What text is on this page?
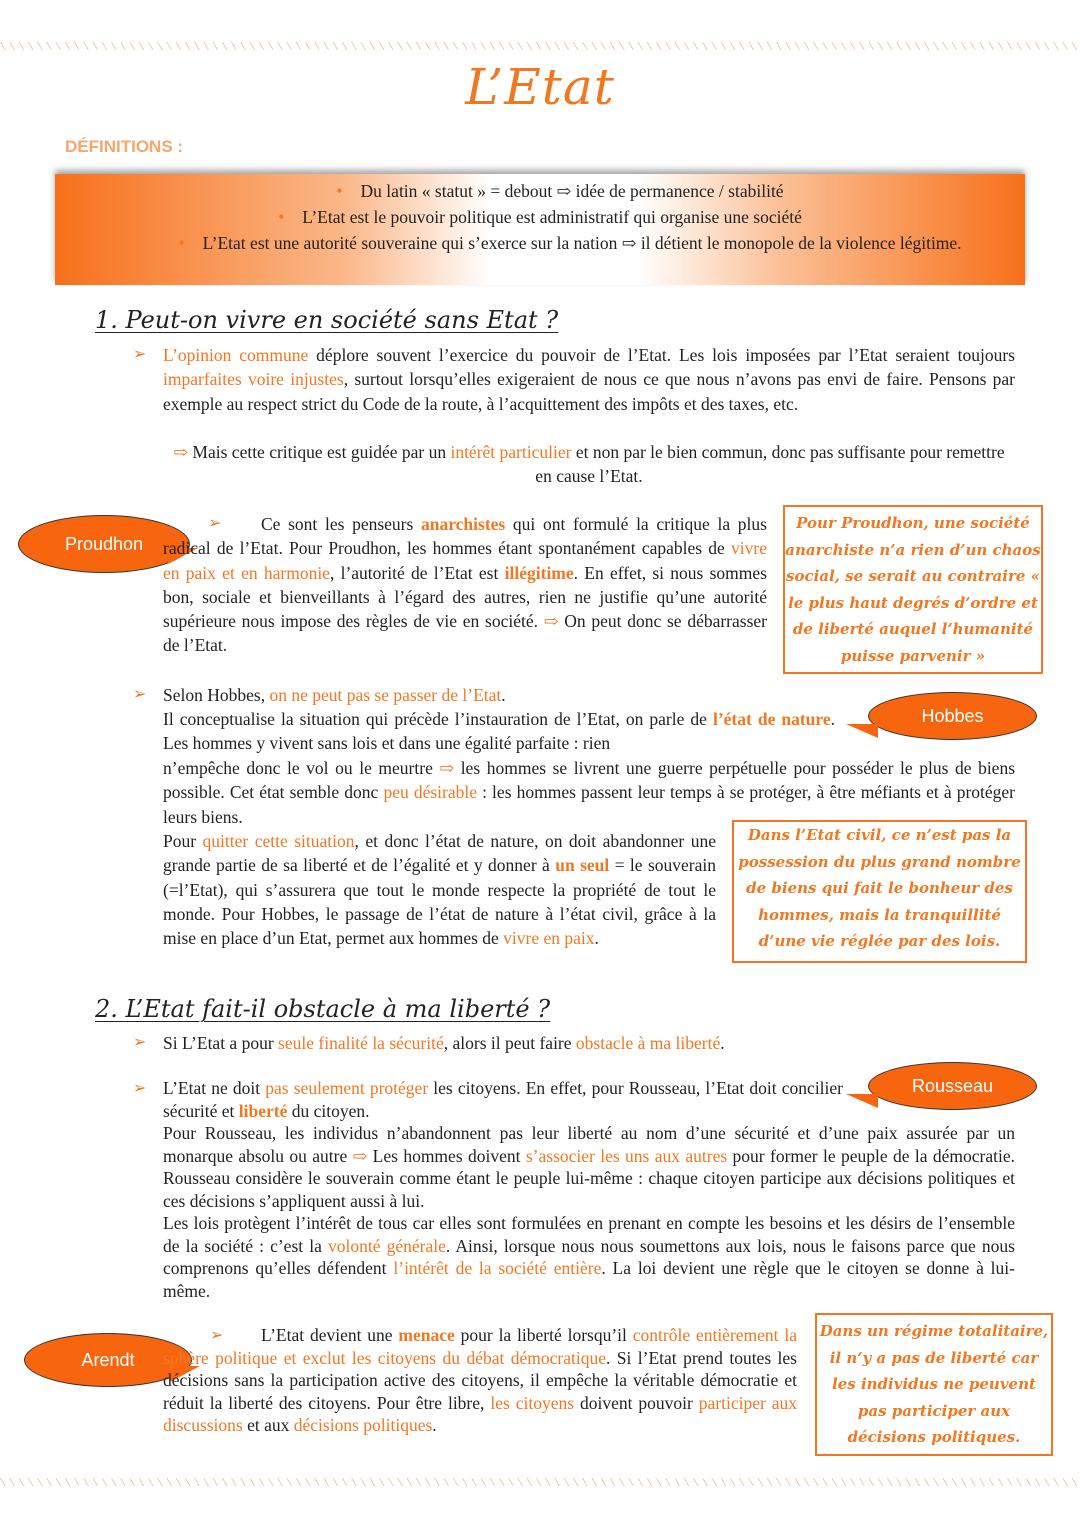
L’Etat
DÉFINITIONS :
• Du latin « statut » = debout ⇨ idée de permanence / stabilité
• L’Etat est le pouvoir politique est administratif qui organise une société
• L’Etat est une autorité souveraine qui s’exerce sur la nation ⇨ il détient le monopole de la violence légitime.
1. Peut-on vivre en société sans Etat ?
➢ L’opinion commune déplore souvent l’exercice du pouvoir de l’Etat. Les lois imposées par l’Etat seraient toujours imparfaites voire injustes, surtout lorsqu’elles exigeraient de nous ce que nous n’avons pas envi de faire. Pensons par exemple au respect strict du Code de la route, à l’acquittement des impôts et des taxes, etc.
⇨ Mais cette critique est guidée par un intérêt particulier et non par le bien commun, donc pas suffisante pour remettre en cause l’Etat.
Proudhon
➢	Ce sont les penseurs anarchistes qui ont formulé la critique la plus radical de l’Etat. Pour Proudhon, les hommes étant spontanément capables de vivre en paix et en harmonie, l’autorité de l’Etat est illégitime. En effet, si nous sommes bon, sociale et bienveillants à l’égard des autres, rien ne justifie qu’une autorité supérieure nous impose des règles de vie en société. ⇨ On peut donc se débarrasser de l’Etat.
Pour Proudhon, une société anarchiste n’a rien d’un chaos social, se serait au contraire « le plus haut degrés d’ordre et de liberté auquel l’humanité puisse parvenir »
➢ Selon Hobbes, on ne peut pas se passer de l’Etat.
Il conceptualise la situation qui précède l’instauration de l’Etat, on parle de l’état de nature. Les hommes y vivent sans lois et dans une égalité parfaite : rien
n’empêche donc le vol ou le meurtre ⇨ les hommes se livrent une guerre perpétuelle pour posséder le plus de biens possible. Cet état semble donc peu désirable : les hommes passent leur temps à se protéger, à être méfiants et à protéger leurs biens.
Pour quitter cette situation, et donc l’état de nature, on doit abandonner une grande partie de sa liberté et de l’égalité et y donner à un seul = le souverain (=l’Etat), qui s’assurera que tout le monde respecte la propriété de tout le monde. Pour Hobbes, le passage de l’état de nature à l’état civil, grâce à la mise en place d’un Etat, permet aux hommes de vivre en paix.
Hobbes
Dans l’Etat civil, ce n’est pas la possession du plus grand nombre de biens qui fait le bonheur des hommes, mais la tranquillité d’une vie réglée par des lois.
2. L’Etat fait-il obstacle à ma liberté ?
➢ Si L’Etat a pour seule finalité la sécurité, alors il peut faire obstacle à ma liberté.
➢ L’Etat ne doit pas seulement protéger les citoyens. En effet, pour Rousseau, l’Etat doit concilier sécurité et liberté du citoyen.
Rousseau
Pour Rousseau, les individus n’abandonnent pas leur liberté au nom d’une sécurité et d’une paix assurée par un monarque absolu ou autre ⇨ Les hommes doivent s’associer les uns aux autres pour former le peuple de la démocratie. Rousseau considère le souverain comme étant le peuple lui-même : chaque citoyen participe aux décisions politiques et ces décisions s’appliquent aussi à lui.
Les lois protègent l’intérêt de tous car elles sont formulées en prenant en compte les besoins et les désirs de l’ensemble de la société : c’est la volonté générale. Ainsi, lorsque nous nous soumettons aux lois, nous le faisons parce que nous comprenons qu’elles défendent l’intérêt de la société entière. La loi devient une règle que le citoyen se donne à lui-même.
Arendt
➢	L’Etat devient une menace pour la liberté lorsqu’il contrôle entièrement la sphère politique et exclut les citoyens du débat démocratique. Si l’Etat prend toutes les décisions sans la participation active des citoyens, il empêche la véritable démocratie et réduit la liberté des citoyens. Pour être libre, les citoyens doivent pouvoir participer aux discussions et aux décisions politiques.
Dans un régime totalitaire, il n’y a pas de liberté car les individus ne peuvent pas participer aux décisions politiques.
